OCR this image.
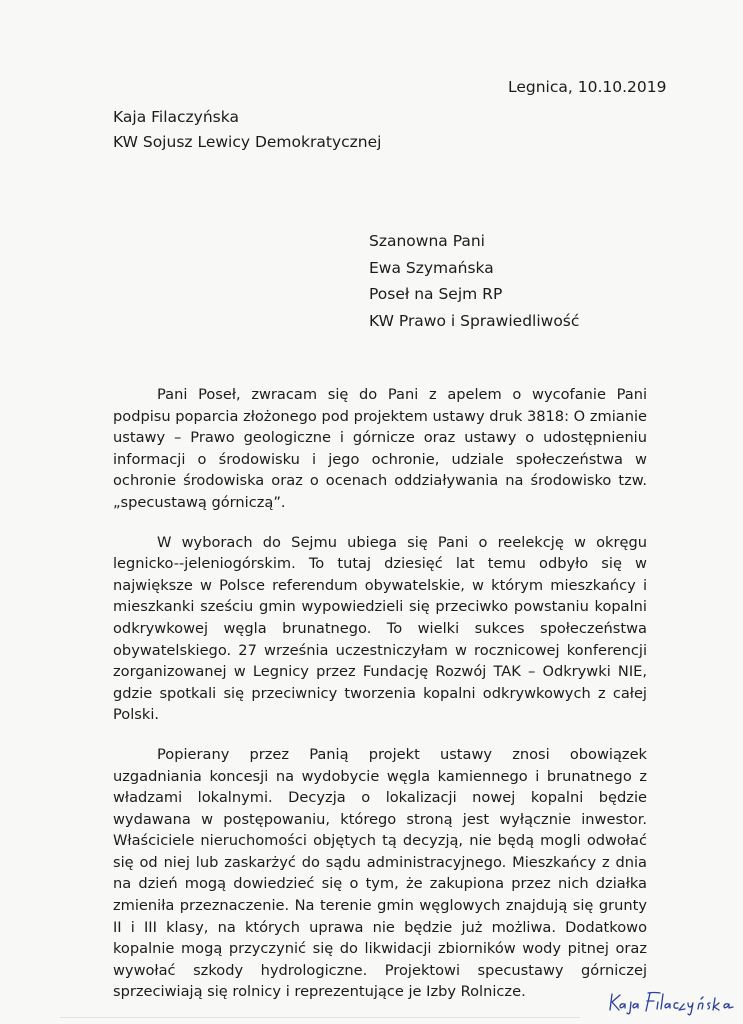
Legnica, 10.10.2019
Kaja Filaczyńska
KW Sojusz Lewicy Demokratycznej
Szanowna Pani
Ewa Szymańska
Poseł na Sejm RP
KW Prawo i Sprawiedliwość

Pani Poseł, zwracam się do Pani z apelem o wycofanie Pani podpisu poparcia złożonego pod projektem ustawy druk 3818: O zmianie ustawy – Prawo geologiczne i górnicze oraz ustawy o udostępnieniu informacji o środowisku i jego ochronie, udziale społeczeństwa w ochronie środowiska oraz o ocenach oddziaływania na środowisko tzw. „specustawą górniczą”.

W wyborach do Sejmu ubiega się Pani o reelekcję w okręgu legnicko--jeleniogórskim. To tutaj dziesięć lat temu odbyło się w największe w Polsce referendum obywatelskie, w którym mieszkańcy i mieszkanki sześciu gmin wypowiedzieli się przeciwko powstaniu kopalni odkrywkowej węgla brunatnego. To wielki sukces społeczeństwa obywatelskiego. 27 września uczestniczyłam w rocznicowej konferencji zorganizowanej w Legnicy przez Fundację Rozwój TAK – Odkrywki NIE, gdzie spotkali się przeciwnicy tworzenia kopalni odkrywkowych z całej Polski.

Popierany przez Panią projekt ustawy znosi obowiązek uzgadniania koncesji na wydobycie węgla kamiennego i brunatnego z władzami lokalnymi. Decyzja o lokalizacji nowej kopalni będzie wydawana w postępowaniu, którego stroną jest wyłącznie inwestor. Właściciele nieruchomości objętych tą decyzją, nie będą mogli odwołać się od niej lub zaskarżyć do sądu administracyjnego. Mieszkańcy z dnia na dzień mogą dowiedzieć się o tym, że zakupiona przez nich działka zmieniła przeznaczenie. Na terenie gmin węglowych znajdują się grunty II i III klasy, na których uprawa nie będzie już możliwa. Dodatkowo kopalnie mogą przyczynić się do likwidacji zbiorników wody pitnej oraz wywołać szkody hydrologiczne. Projektowi specustawy górniczej sprzeciwiają się rolnicy i reprezentujące je Izby Rolnicze.
